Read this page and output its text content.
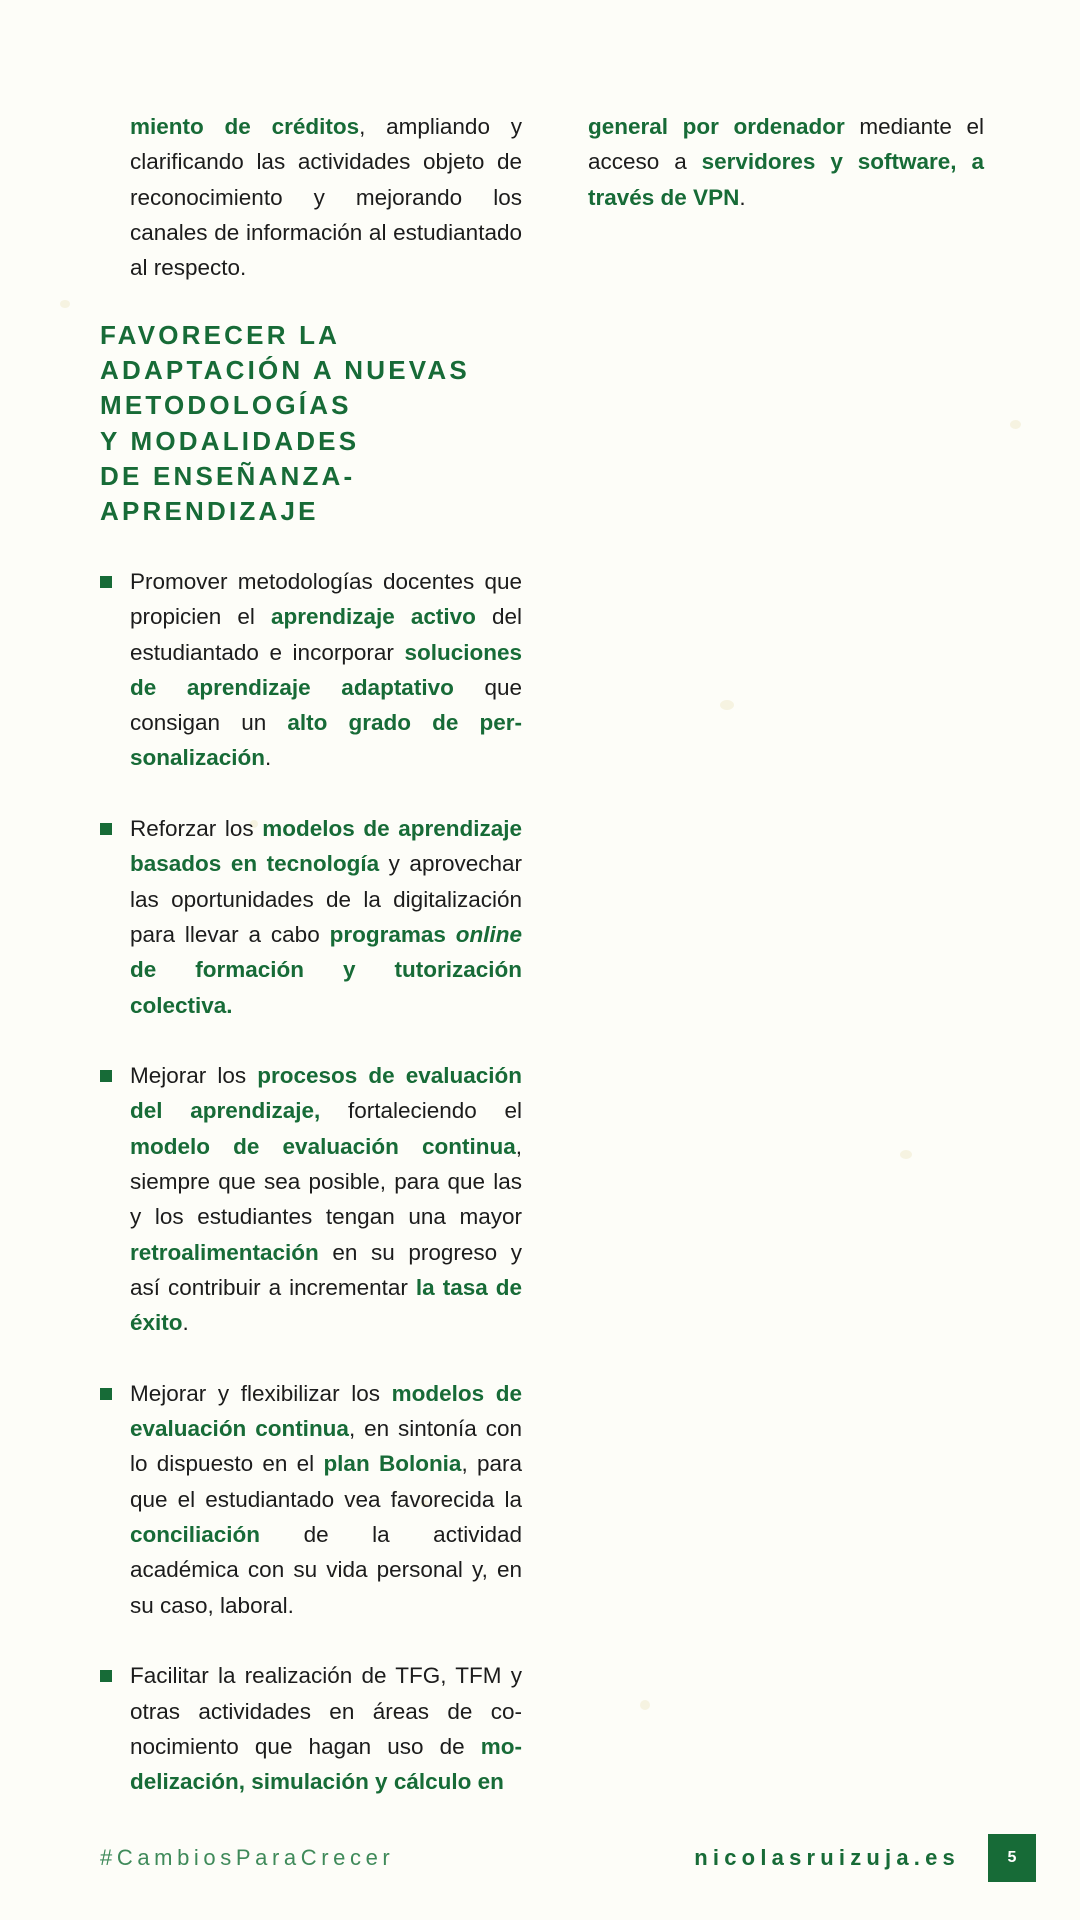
miento de créditos, ampliando y clarificando las actividades objeto de reconocimiento y mejorando los canales de información al estudiantado al respecto.
general por ordenador mediante el acceso a servidores y software, a través de VPN.
FAVORECER LA
ADAPTACIÓN A NUEVAS
METODOLOGÍAS
Y MODALIDADES
DE ENSEÑANZA-
APRENDIZAJE
Promover metodologías docentes que propicien el aprendizaje activo del estudiantado e incorporar soluciones de aprendizaje adaptativo que consigan un alto grado de personalización.
Reforzar los modelos de aprendizaje basados en tecnología y aprovechar las oportunidades de la digitalización para llevar a cabo programas online de formación y tutorización colectiva.
Mejorar los procesos de evaluación del aprendizaje, fortaleciendo el modelo de evaluación continua, siempre que sea posible, para que las y los estudiantes tengan una mayor retroalimentación en su progreso y así contribuir a incrementar la tasa de éxito.
Mejorar y flexibilizar los modelos de evaluación continua, en sintonía con lo dispuesto en el plan Bolonia, para que el estudiantado vea favorecida la conciliación de la actividad académica con su vida personal y, en su caso, laboral.
Facilitar la realización de TFG, TFM y otras actividades en áreas de conocimiento que hagan uso de modelización, simulación y cálculo en
#CambiosParaCrecer	nicolasruizuja.es	5
